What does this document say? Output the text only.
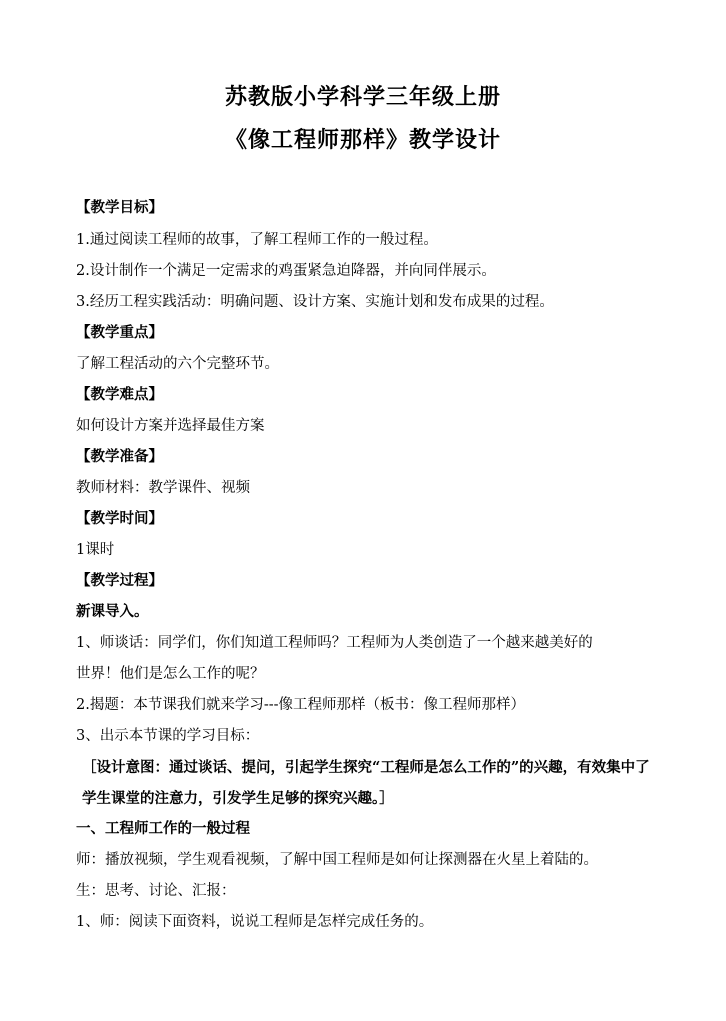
苏教版小学科学三年级上册
《像工程师那样》教学设计
【教学目标】
1.通过阅读工程师的故事，了解工程师工作的一般过程。
2.设计制作一个满足一定需求的鸡蛋紧急迫降器，并向同伴展示。
3.经历工程实践活动：明确问题、设计方案、实施计划和发布成果的过程。
【教学重点】
了解工程活动的六个完整环节。
【教学难点】
如何设计方案并选择最佳方案
【教学准备】
教师材料：教学课件、视频
【教学时间】
1课时
【教学过程】
新课导入。
1、师谈话：同学们，你们知道工程师吗？工程师为人类创造了一个越来越美好的
世界！他们是怎么工作的呢？
2.揭题：本节课我们就来学习---像工程师那样（板书：像工程师那样）
3、出示本节课的学习目标：
［设计意图：通过谈话、提问，引起学生探究“工程师是怎么工作的”的兴趣，有效集中了学生课堂的注意力，引发学生足够的探究兴趣。］
一、工程师工作的一般过程
师：播放视频，学生观看视频，了解中国工程师是如何让探测器在火星上着陆的。
生：思考、讨论、汇报：
1、师：阅读下面资料，说说工程师是怎样完成任务的。
